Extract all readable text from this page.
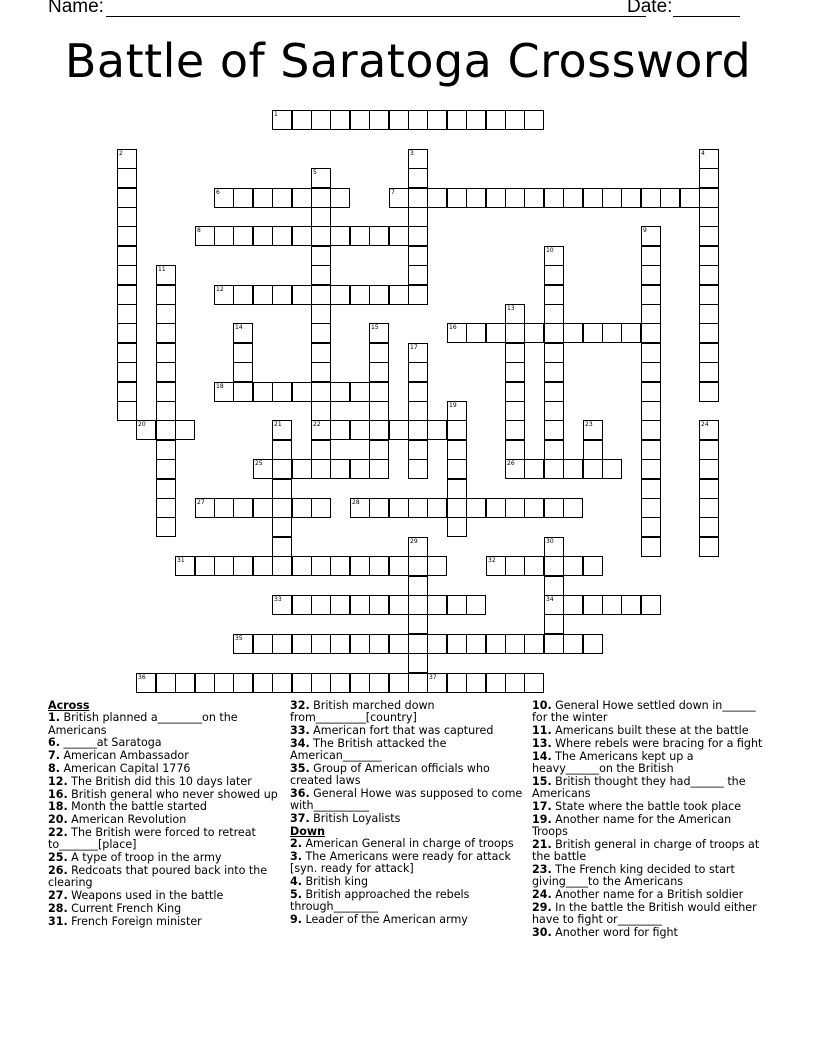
Name:	Date:
Battle of Saratoga Crossword
1
2	3	4
5
22
6	7
8	9
10
11
12
13
26
14	15	16
17
18
19
20	21	23	24
25
27	28
29	30
34
31	32
33
35
36	37
Across
1. British planned a________on the Americans
6. ______at Saratoga
7. American Ambassador
8. American Capital 1776
12. The British did this 10 days later
16. British general who never showed up
18. Month the battle started
20. American Revolution
22. The British were forced to retreat to_______[place]
25. A type of troop in the army
26. Redcoats that poured back into the clearing
27. Weapons used in the battle
28. Current French King
31. French Foreign minister
32. British marched down from_________[country]
33. American fort that was captured
34. The British attacked the American_______
35. Group of American officials who created laws
36. General Howe was supposed to come with__________
37. British Loyalists
Down
2. American General in charge of troops
3. The Americans were ready for attack [syn. ready for attack]
4. British king
5. British approached the rebels through________
9. Leader of the American army
10. General Howe settled down in______ for the winter
11. Americans built these at the battle
13. Where rebels were bracing for a fight
14. The Americans kept up a heavy______on the British
15. British thought they had______ the Americans
17. State where the battle took place
19. Another name for the American Troops
21. British general in charge of troops at the battle
23. The French king decided to start giving____to the Americans
24. Another name for a British soldier
29. In the battle the British would either have to fight or________
30. Another word for fight
